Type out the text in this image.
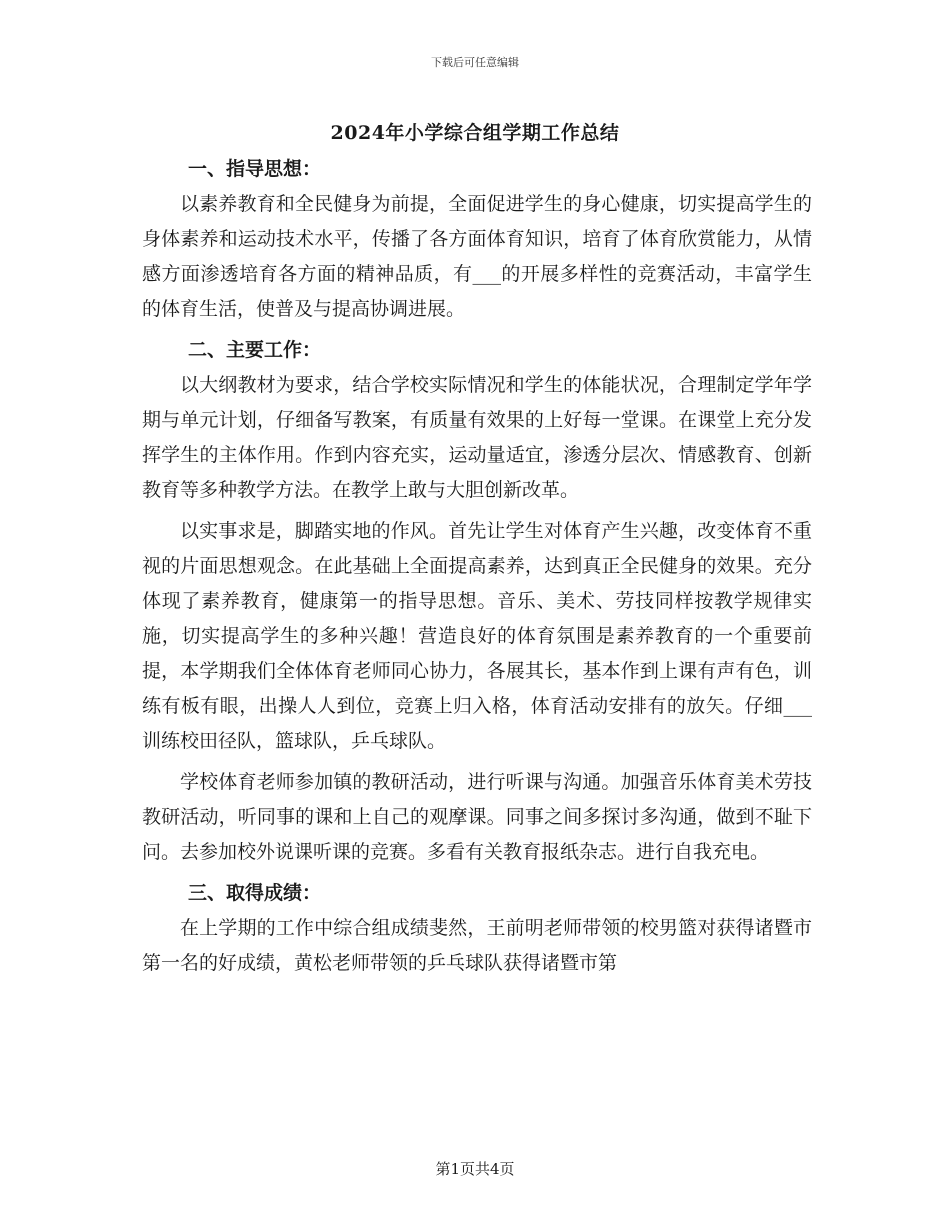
下载后可任意编辑
2024年小学综合组学期工作总结

一、指导思想：

以素养教育和全民健身为前提，全面促进学生的身心健康，切实提高学生的身体素养和运动技术水平，传播了各方面体育知识，培育了体育欣赏能力，从情感方面渗透培育各方面的精神品质，有___的开展多样性的竞赛活动，丰富学生的体育生活，使普及与提高协调进展。

二、主要工作：

以大纲教材为要求，结合学校实际情况和学生的体能状况，合理制定学年学期与单元计划，仔细备写教案，有质量有效果的上好每一堂课。在课堂上充分发挥学生的主体作用。作到内容充实，运动量适宜，渗透分层次、情感教育、创新教育等多种教学方法。在教学上敢与大胆创新改革。

以实事求是，脚踏实地的作风。首先让学生对体育产生兴趣，改变体育不重视的片面思想观念。在此基础上全面提高素养，达到真正全民健身的效果。充分体现了素养教育，健康第一的指导思想。音乐、美术、劳技同样按教学规律实施，切实提高学生的多种兴趣！营造良好的体育氛围是素养教育的一个重要前提，本学期我们全体体育老师同心协力，各展其长，基本作到上课有声有色，训练有板有眼，出操人人到位，竞赛上归入格，体育活动安排有的放矢。仔细___训练校田径队，篮球队，乒乓球队。

学校体育老师参加镇的教研活动，进行听课与沟通。加强音乐体育美术劳技教研活动，听同事的课和上自己的观摩课。同事之间多探讨多沟通，做到不耻下问。去参加校外说课听课的竞赛。多看有关教育报纸杂志。进行自我充电。

三、取得成绩：

在上学期的工作中综合组成绩斐然，王前明老师带领的校男篮对获得诸暨市第一名的好成绩，黄松老师带领的乒乓球队获得诸暨市第

第1页共4页
